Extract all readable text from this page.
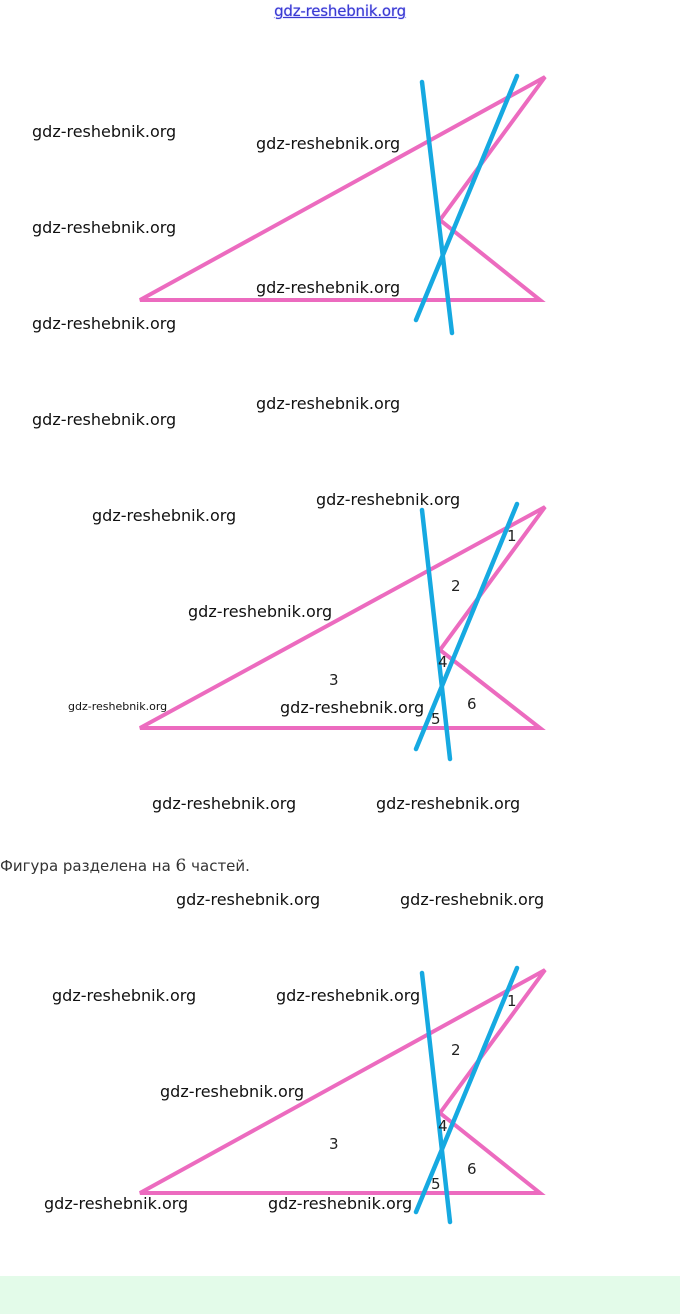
gdz-reshebnik.org
1
2
3
4
5
6
1
2
3
4
5
6
Фигура разделена на 6 частей.
gdz-reshebnik.org
gdz-reshebnik.org
gdz-reshebnik.org
gdz-reshebnik.org
gdz-reshebnik.org
gdz-reshebnik.org
gdz-reshebnik.org
gdz-reshebnik.org
gdz-reshebnik.org
gdz-reshebnik.org
gdz-reshebnik.org	gdz-reshebnik.org
gdz-reshebnik.org	gdz-reshebnik.org
gdz-reshebnik.org	gdz-reshebnik.org
gdz-reshebnik.org	gdz-reshebnik.org
gdz-reshebnik.org
gdz-reshebnik.org	gdz-reshebnik.org
